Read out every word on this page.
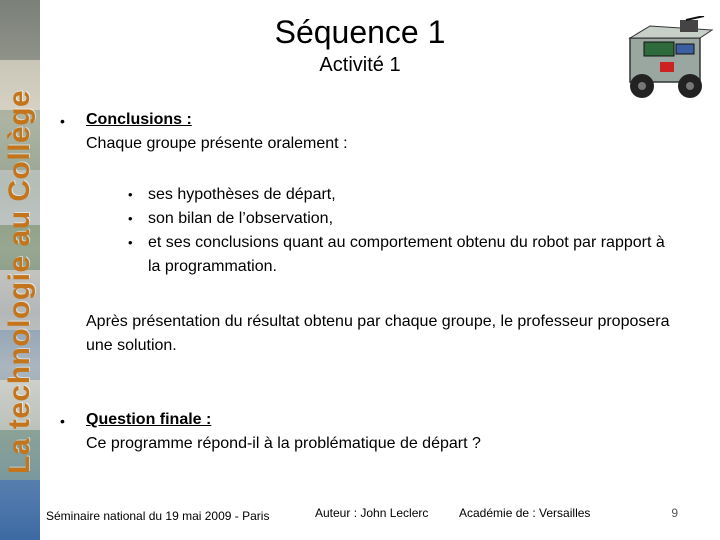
La technologie au Collège
Séquence 1
Activité 1
• Conclusions :
Chaque groupe présente oralement :
• ses hypothèses de départ,
• son bilan de l’observation,
• et ses conclusions quant au comportement obtenu du robot par rapport à la programmation.
Après présentation du résultat obtenu par chaque groupe, le professeur proposera une solution.
• Question finale :
Ce programme répond-il à la problématique de départ ?
Séminaire national du 19 mai 2009 - Paris	Auteur : John Leclerc	Académie de : Versailles	9
